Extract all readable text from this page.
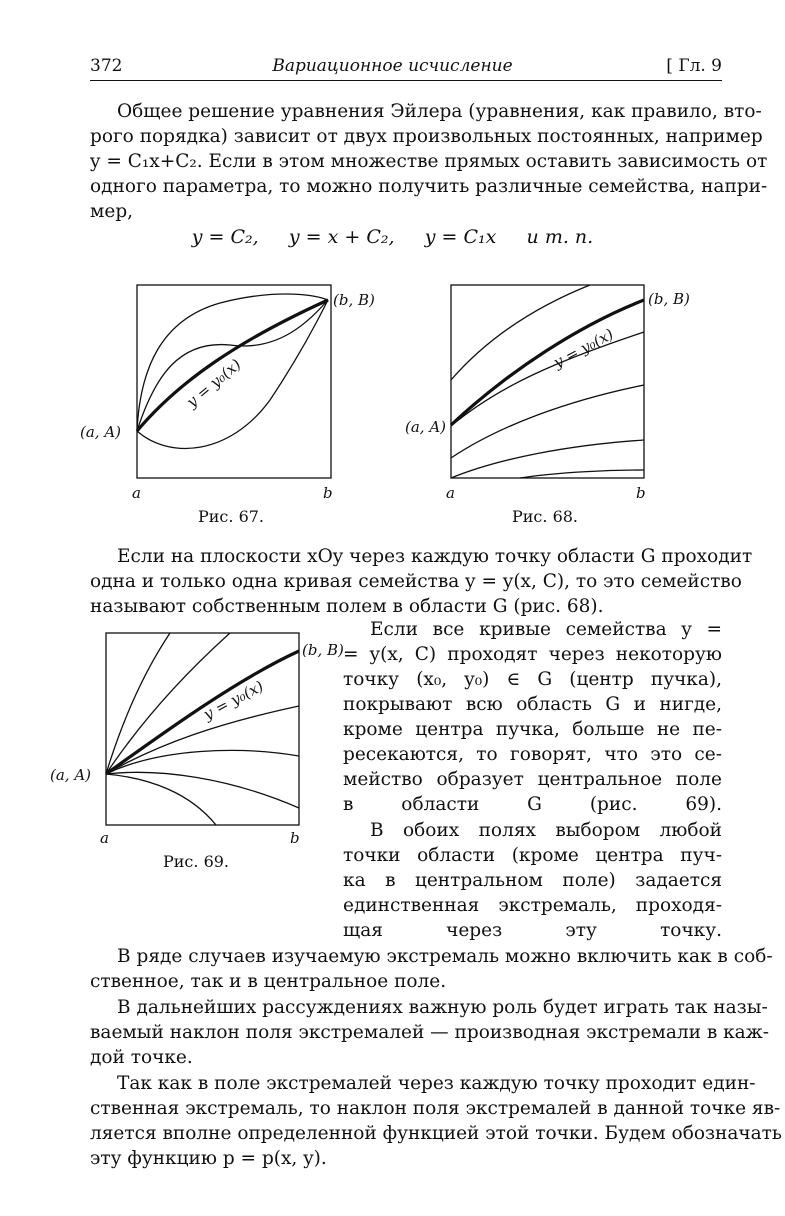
372	Вариационное исчисление	[ Гл. 9
Общее решение уравнения Эйлера (уравнения, как правило, вто-
рого порядка) зависит от двух произвольных постоянных, например
y = C₁x+C₂. Если в этом множестве прямых оставить зависимость от
одного параметра, то можно получить различные семейства, напри-
мер,
y = C₂,     y = x + C₂,     y = C₁x     и т. п.
(a, A)
(b, B)
a	b
y = y₀(x)
Рис. 67.
(a, A)
(b, B)
a	b
y = y₀(x)
Рис. 68.
Если на плоскости xOy через каждую точку области G проходит
одна и только одна кривая семейства y = y(x, C), то это семейство
называют собственным полем в области G (рис. 68).
(a, A)
(b, B)
a	b
y = y₀(x)
Рис. 69.
Если все кривые семейства y =
= y(x, C) проходят через некоторую
точку (x₀, y₀) ∈ G (центр пучка),
покрывают всю область G и нигде,
кроме центра пучка, больше не пе-
ресекаются, то говорят, что это се-
мейство образует центральное поле
в области G (рис. 69).
В обоих полях выбором любой
точки области (кроме центра пуч-
ка в центральном поле) задается
единственная экстремаль, проходя-
щая через эту точку.
В ряде случаев изучаемую экстремаль можно включить как в соб-
ственное, так и в центральное поле.
В дальнейших рассуждениях важную роль будет играть так назы-
ваемый наклон поля экстремалей — производная экстремали в каж-
дой точке.
Так как в поле экстремалей через каждую точку проходит един-
ственная экстремаль, то наклон поля экстремалей в данной точке яв-
ляется вполне определенной функцией этой точки. Будем обозначать
эту функцию p = p(x, y).
